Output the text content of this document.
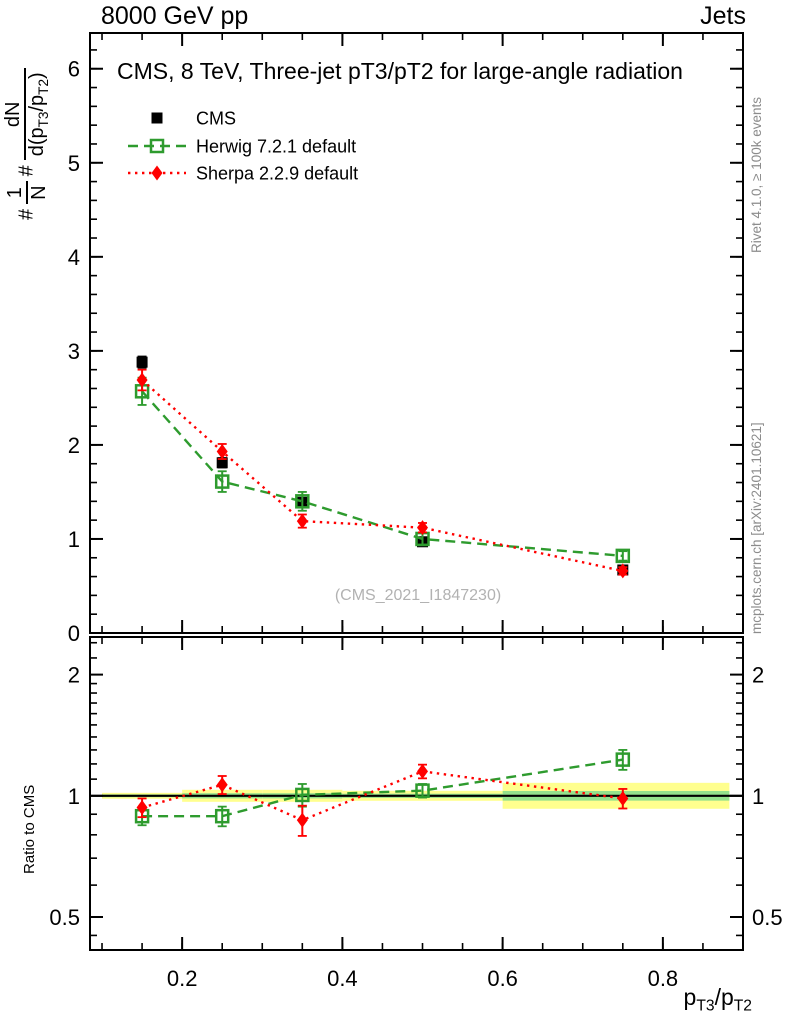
(CMS_2021_I1847230)
0.2	0.4	0.6	0.8
0
1
2
3
4
5
6
0.5	0.5
1	1
2	2
CMS
Herwig 7.2.1 default
Sherpa 2.2.9 default
8000 GeV pp	Jets
CMS, 8 TeV, Three-jet pT3/pT2 for large-angle radiation
Rivet 4.1.0, ≥ 100k events
mcplots.cern.ch [arXiv:2401.10621]
Ratio to CMS
#
1 N
#
dN
$d(p_{T3}/p_{T2})$
$p_{T3}/p_{T2}$
